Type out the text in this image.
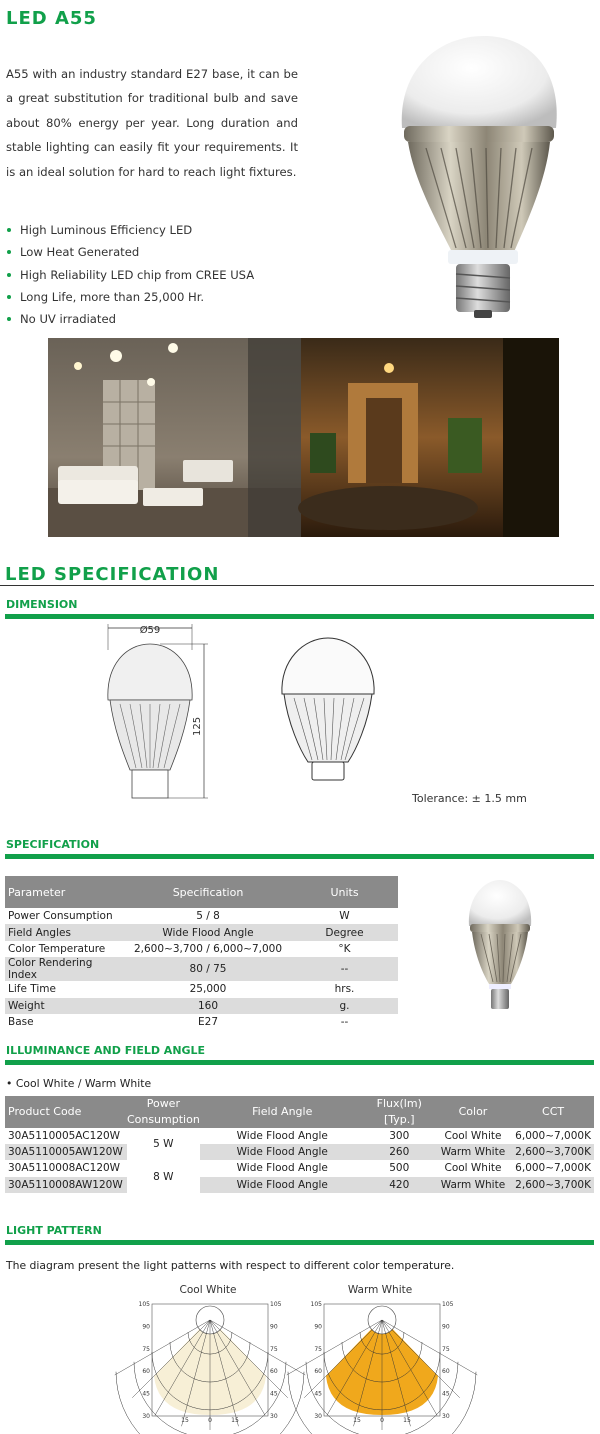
LED A55
A55 with an industry standard E27 base, it can be a great substitution for traditional bulb and save about 80% energy per year. Long duration and stable lighting can easily fit your requirements. It is an ideal solution for hard to reach light fixtures.
High Luminous Efficiency LED
Low Heat Generated
High Reliability LED chip from CREE USA
Long Life, more than 25,000 Hr.
No UV irradiated
LED SPECIFICATION
DIMENSION
Ø59
125
Tolerance: ± 1.5 mm
SPECIFICATION
Parameter	Specification	Units
Power Consumption	5 / 8	W
Field Angles	Wide Flood Angle	Degree
Color Temperature	2,600~3,700 / 6,000~7,000	°K
Color Rendering Index	80 / 75	--
Life Time	25,000	hrs.
Weight	160	g.
Base	E27	--
ILLUMINANCE AND FIELD ANGLE
• Cool White / Warm White
Product Code	Power Consumption	Field Angle	Flux(lm)[Typ.]	Color	CCT
30A5110005AC120W	5 W	Wide Flood Angle	300	Cool White	6,000~7,000K
30A5110005AW120W		Wide Flood Angle	260	Warm White	2,600~3,700K
30A5110008AC120W	8 W	Wide Flood Angle	500	Cool White	6,000~7,000K
30A5110008AW120W		Wide Flood Angle	420	Warm White	2,600~3,700K
LIGHT PATTERN
The diagram present the light patterns with respect to different color temperature.
Cool White	Warm White
105	105
90	90
75	75
60	60
45	45
30	30
15	0	15
105	105
90	90
75	75
60	60
45	45
30	30
15	0	15
